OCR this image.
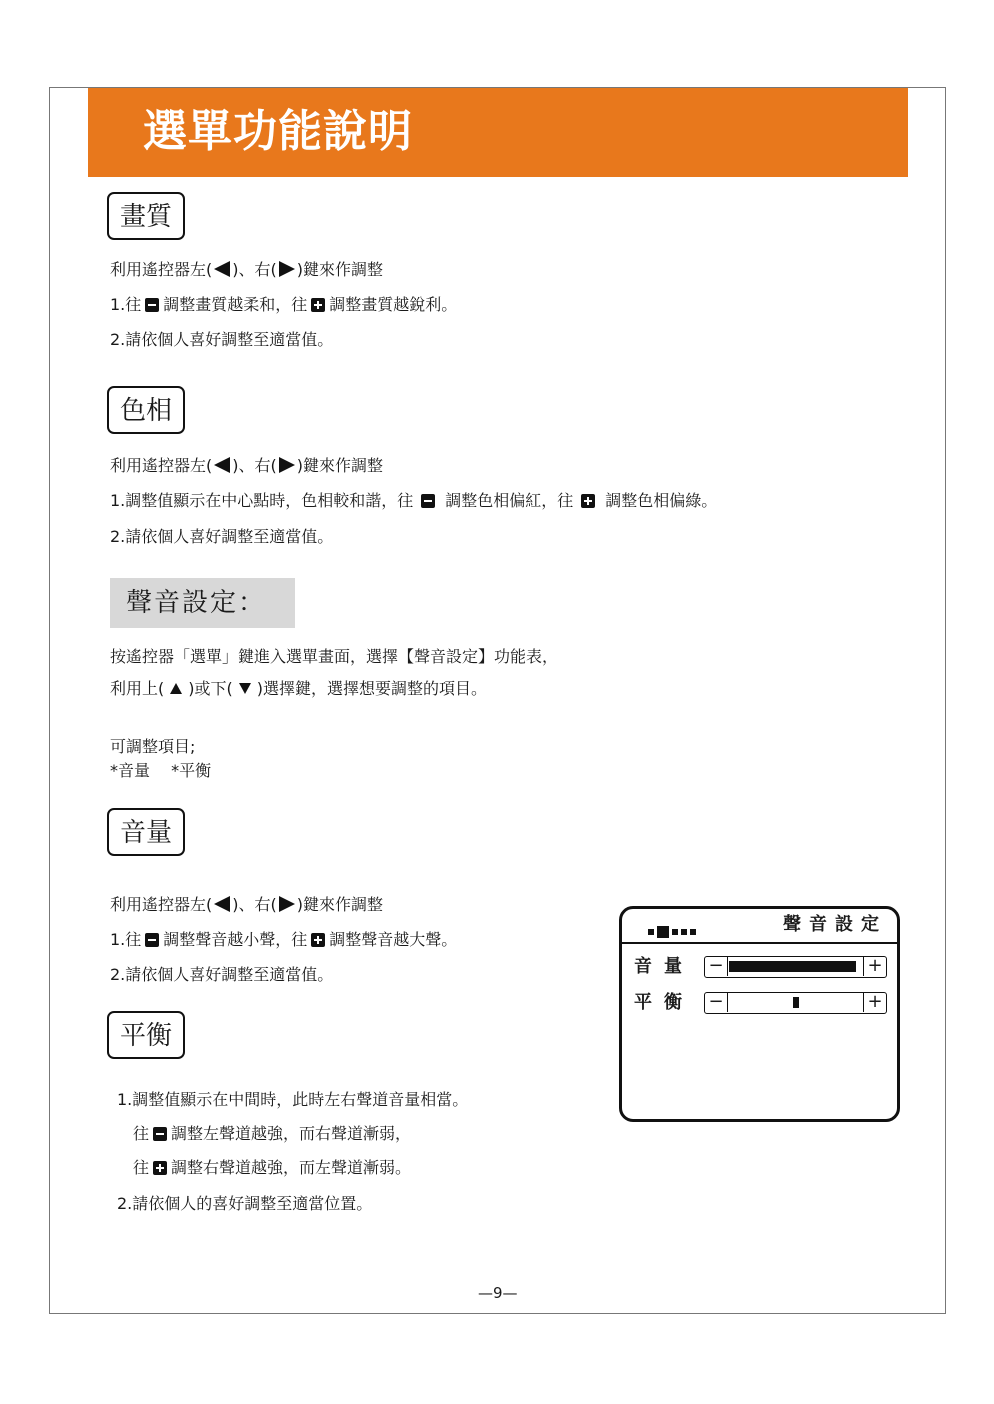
選單功能說明
畫質
利用遙控器左( )、右( )鍵來作調整
1.往 調整畫質越柔和，往 調整畫質越銳利。
2.請依個人喜好調整至適當值。
色相
利用遙控器左( )、右( )鍵來作調整
1.調整值顯示在中心點時，色相較和諧，往 調整色相偏紅，往 調整色相偏綠。
2.請依個人喜好調整至適當值。
聲音設定：
按遙控器「選單」鍵進入選單畫面，選擇【聲音設定】功能表，
利用上( )或下( )選擇鍵，選擇想要調整的項目。
可調整項目;
*音量　 *平衡
音量
利用遙控器左( )、右( )鍵來作調整
1.往 調整聲音越小聲，往 調整聲音越大聲。
2.請依個人喜好調整至適當值。
平衡
1.調整值顯示在中間時，此時左右聲道音量相當。
往 調整左聲道越強，而右聲道漸弱，
往 調整右聲道越強，而左聲道漸弱。
2.請依個人的喜好調整至適當位置。
聲音設定
音量 −	+
平衡 −	+
—9—
